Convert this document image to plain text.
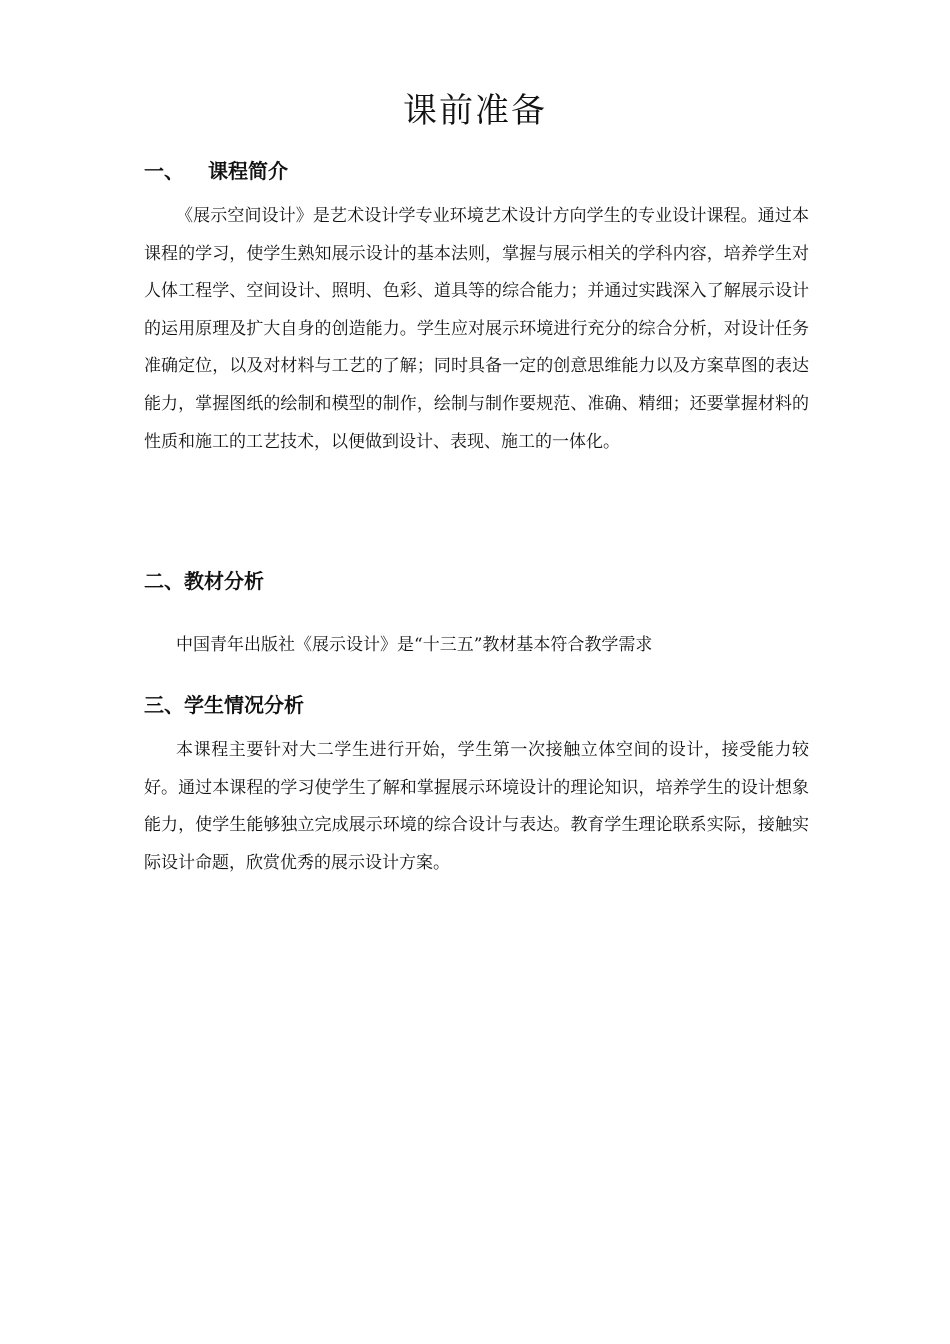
课前准备
一、 课程简介

《展示空间设计》是艺术设计学专业环境艺术设计方向学生的专业设计课程。通过本课程的学习，使学生熟知展示设计的基本法则，掌握与展示相关的学科内容，培养学生对人体工程学、空间设计、照明、色彩、道具等的综合能力；并通过实践深入了解展示设计的运用原理及扩大自身的创造能力。学生应对展示环境进行充分的综合分析，对设计任务准确定位，以及对材料与工艺的了解；同时具备一定的创意思维能力以及方案草图的表达能力，掌握图纸的绘制和模型的制作，绘制与制作要规范、准确、精细；还要掌握材料的性质和施工的工艺技术，以便做到设计、表现、施工的一体化。

二、教材分析

中国青年出版社《展示设计》是“十三五”教材基本符合教学需求

三、学生情况分析

本课程主要针对大二学生进行开始，学生第一次接触立体空间的设计，接受能力较好。通过本课程的学习使学生了解和掌握展示环境设计的理论知识，培养学生的设计想象能力，使学生能够独立完成展示环境的综合设计与表达。教育学生理论联系实际，接触实际设计命题，欣赏优秀的展示设计方案。
